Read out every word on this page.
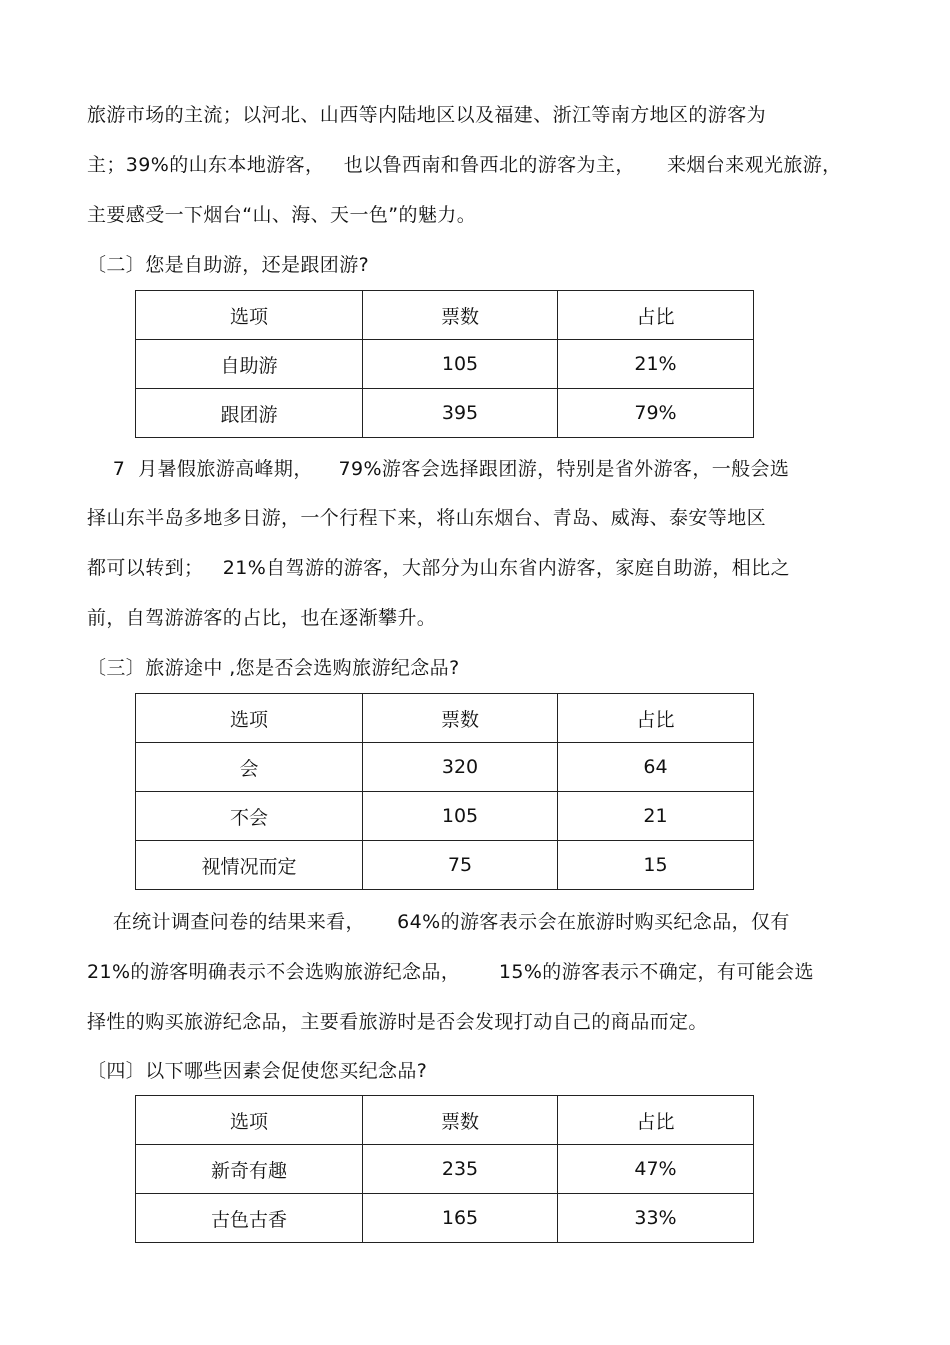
旅游市场的主流；以河北、山西等内陆地区以及福建、浙江等南方地区的游客为
主；39%的山东本地游客，   也以鲁西南和鲁西北的游客为主，     来烟台来观光旅游，
主要感受一下烟台“山、海、天一色”的魅力。
〔二〕您是自助游，还是跟团游?
选项	票数	占比
自助游	105	21%
跟团游	395	79%
7  月暑假旅游高峰期，    79%游客会选择跟团游，特别是省外游客，一般会选
择山东半岛多地多日游，一个行程下来，将山东烟台、青岛、威海、泰安等地区
都可以转到；   21%自驾游的游客，大部分为山东省内游客，家庭自助游，相比之
前，自驾游游客的占比，也在逐渐攀升。
〔三〕旅游途中 ,您是否会选购旅游纪念品?
选项	票数	占比
会	320	64
不会	105	21
视情况而定	75	15
在统计调查问卷的结果来看，     64%的游客表示会在旅游时购买纪念品，仅有
21%的游客明确表示不会选购旅游纪念品，      15%的游客表示不确定，有可能会选
择性的购买旅游纪念品，主要看旅游时是否会发现打动自己的商品而定。
〔四〕以下哪些因素会促使您买纪念品?
选项	票数	占比
新奇有趣	235	47%
古色古香	165	33%
